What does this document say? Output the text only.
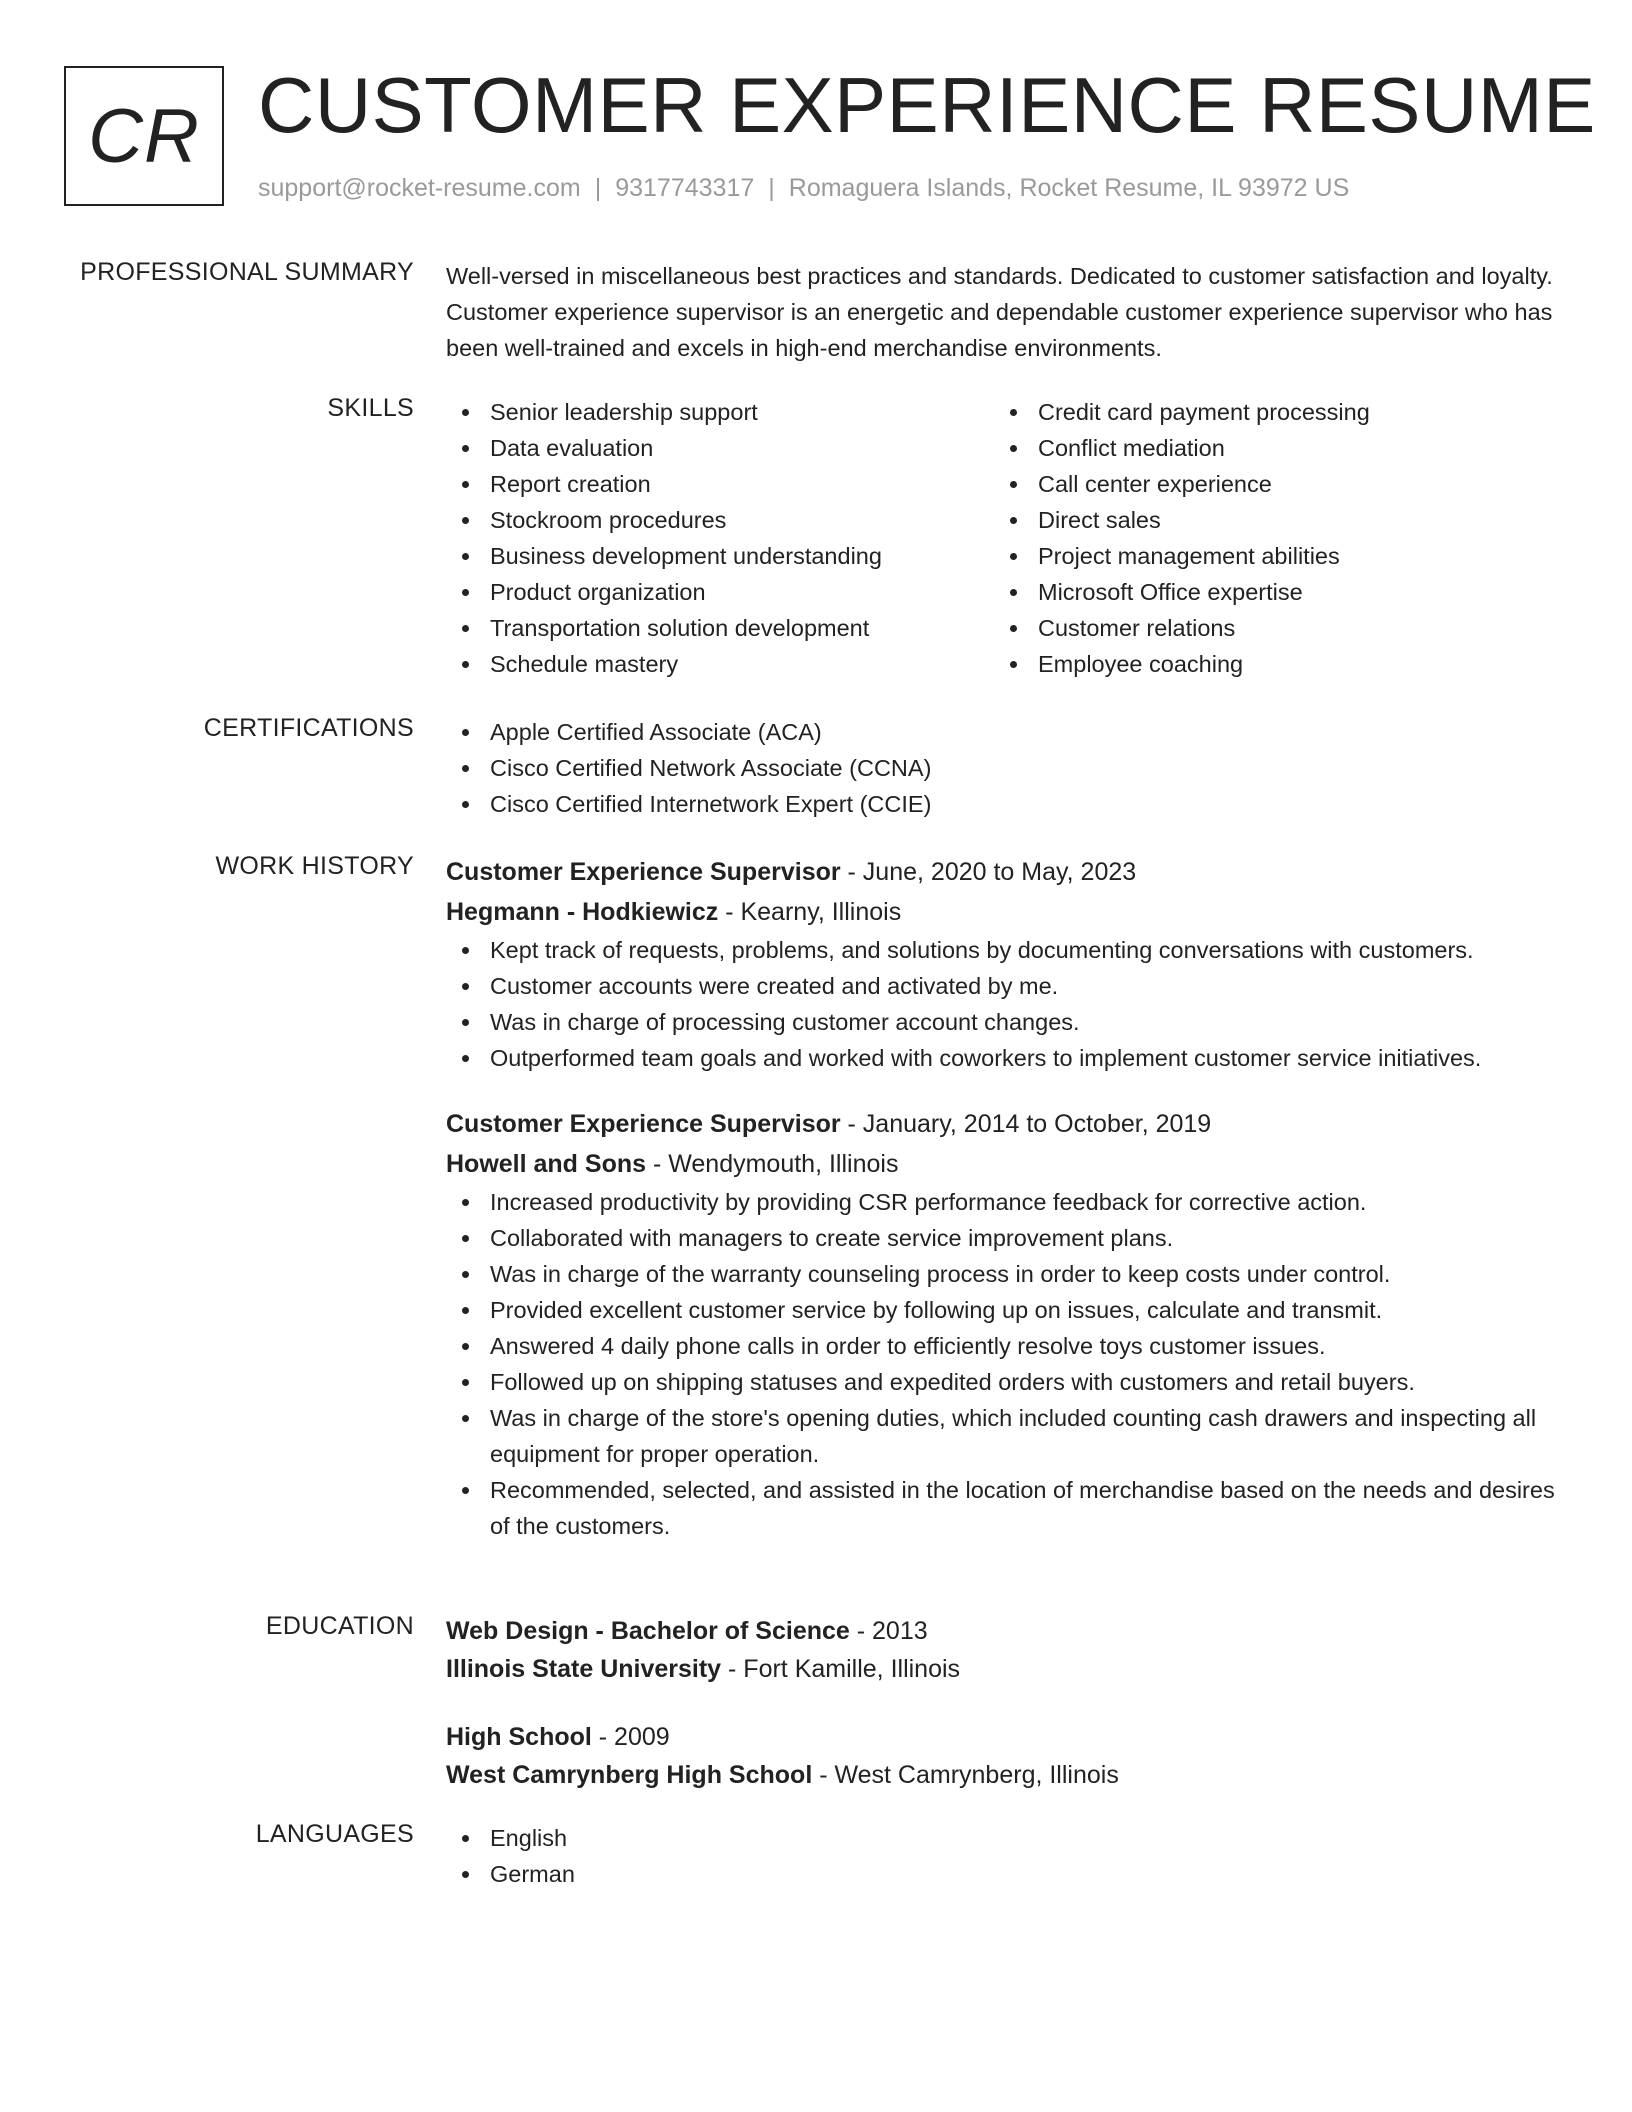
CR CUSTOMER EXPERIENCE RESUME
support@rocket-resume.com | 9317743317 | Romaguera Islands, Rocket Resume, IL 93972 US
PROFESSIONAL SUMMARY Well-versed in miscellaneous best practices and standards. Dedicated to customer satisfaction and loyalty. Customer experience supervisor is an energetic and dependable customer experience supervisor who has been well-trained and excels in high-end merchandise environments.

SKILLS	Senior leadership support
Data evaluation
Report creation
Stockroom procedures
Business development understanding
Product organization
Transportation solution development
Schedule mastery
Credit card payment processing
Conflict mediation
Call center experience
Direct sales
Project management abilities
Microsoft Office expertise
Customer relations
Employee coaching
CERTIFICATIONS	Apple Certified Associate (ACA)
Cisco Certified Network Associate (CCNA)
Cisco Certified Internetwork Expert (CCIE)
WORK HISTORY Customer Experience Supervisor - June, 2020 to May, 2023
Hegmann - Hodkiewicz - Kearny, Illinois
Kept track of requests, problems, and solutions by documenting conversations with customers.
Customer accounts were created and activated by me.
Was in charge of processing customer account changes.
Outperformed team goals and worked with coworkers to implement customer service initiatives.
Customer Experience Supervisor - January, 2014 to October, 2019
Howell and Sons - Wendymouth, Illinois
Increased productivity by providing CSR performance feedback for corrective action.
Collaborated with managers to create service improvement plans.
Was in charge of the warranty counseling process in order to keep costs under control.
Provided excellent customer service by following up on issues, calculate and transmit.
Answered 4 daily phone calls in order to efficiently resolve toys customer issues.
Followed up on shipping statuses and expedited orders with customers and retail buyers.
Was in charge of the store's opening duties, which included counting cash drawers and inspecting all equipment for proper operation.
Recommended, selected, and assisted in the location of merchandise based on the needs and desires of the customers.
EDUCATION Web Design - Bachelor of Science - 2013
Illinois State University - Fort Kamille, Illinois
High School - 2009
West Camrynberg High School - West Camrynberg, Illinois
LANGUAGES	English
German
